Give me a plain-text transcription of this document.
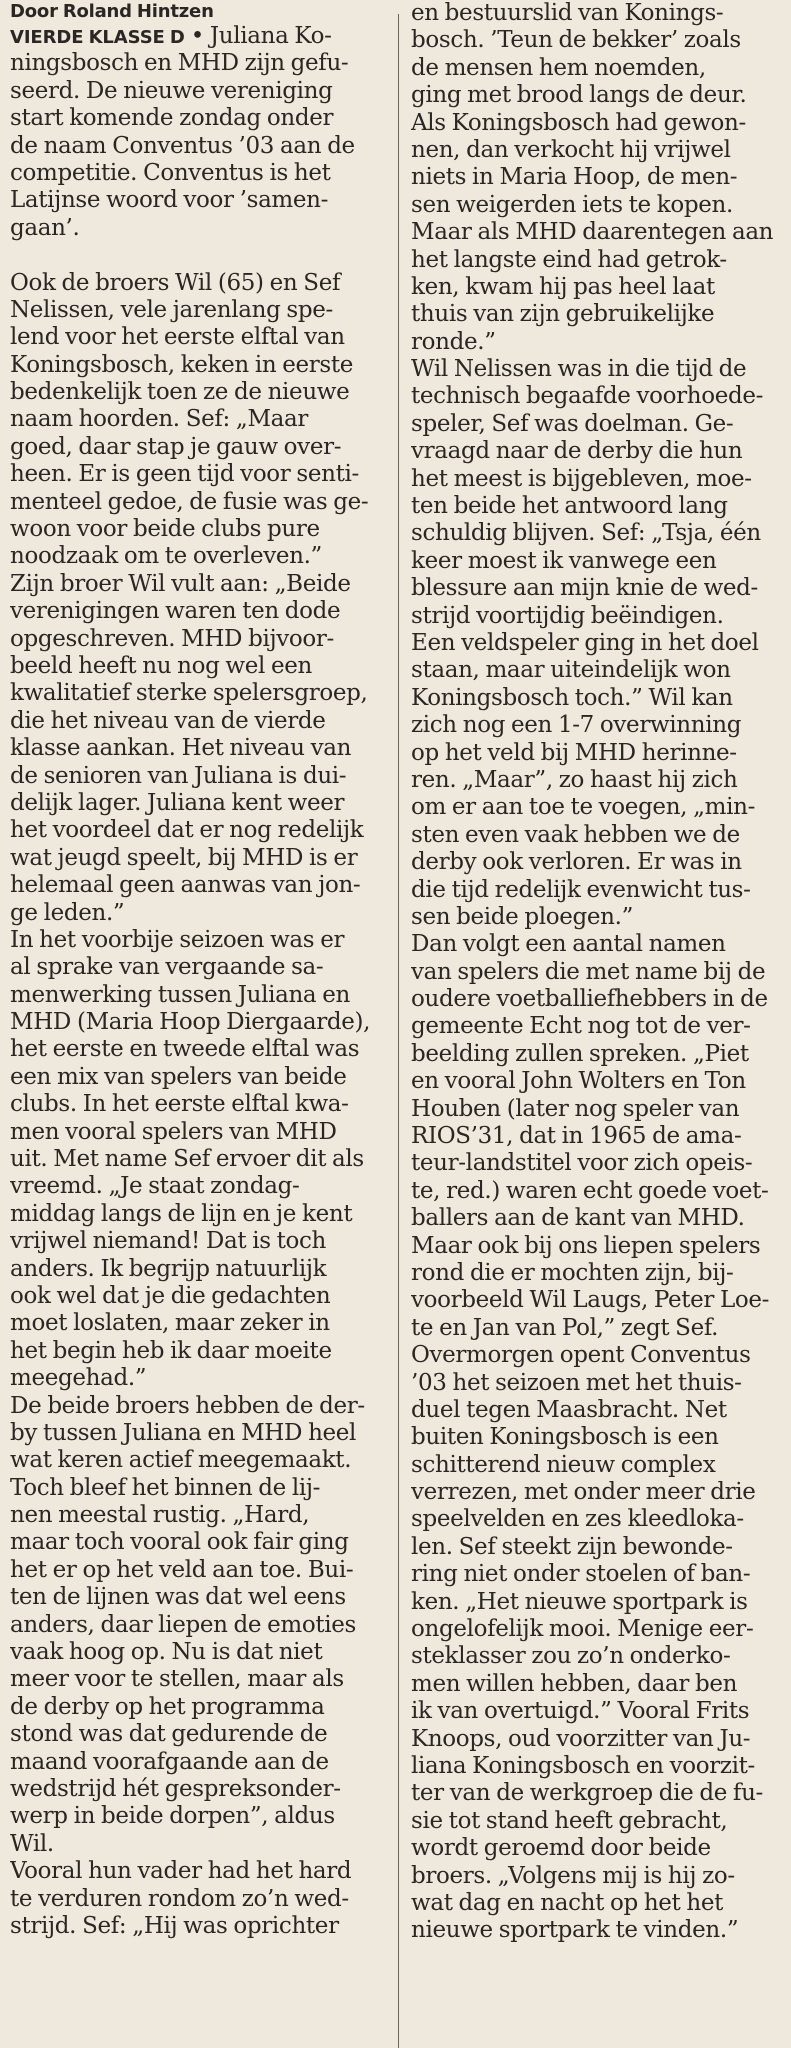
Door Roland Hintzen
VIERDE KLASSE D • Juliana Ko-
ningsbosch en MHD zijn gefu-
seerd. De nieuwe vereniging
start komende zondag onder
de naam Conventus ’03 aan de
competitie. Conventus is het
Latijnse woord voor ’samen-
gaan’.
Ook de broers Wil (65) en Sef
Nelissen, vele jarenlang spe-
lend voor het eerste elftal van
Koningsbosch, keken in eerste
bedenkelijk toen ze de nieuwe
naam hoorden. Sef: „Maar
goed, daar stap je gauw over-
heen. Er is geen tijd voor senti-
menteel gedoe, de fusie was ge-
woon voor beide clubs pure
noodzaak om te overleven.”
Zijn broer Wil vult aan: „Beide
verenigingen waren ten dode
opgeschreven. MHD bijvoor-
beeld heeft nu nog wel een
kwalitatief sterke spelersgroep,
die het niveau van de vierde
klasse aankan. Het niveau van
de senioren van Juliana is dui-
delijk lager. Juliana kent weer
het voordeel dat er nog redelijk
wat jeugd speelt, bij MHD is er
helemaal geen aanwas van jon-
ge leden.”
In het voorbije seizoen was er
al sprake van vergaande sa-
menwerking tussen Juliana en
MHD (Maria Hoop Diergaarde),
het eerste en tweede elftal was
een mix van spelers van beide
clubs. In het eerste elftal kwa-
men vooral spelers van MHD
uit. Met name Sef ervoer dit als
vreemd. „Je staat zondag-
middag langs de lijn en je kent
vrijwel niemand! Dat is toch
anders. Ik begrijp natuurlijk
ook wel dat je die gedachten
moet loslaten, maar zeker in
het begin heb ik daar moeite
meegehad.”
De beide broers hebben de der-
by tussen Juliana en MHD heel
wat keren actief meegemaakt.
Toch bleef het binnen de lij-
nen meestal rustig. „Hard,
maar toch vooral ook fair ging
het er op het veld aan toe. Bui-
ten de lijnen was dat wel eens
anders, daar liepen de emoties
vaak hoog op. Nu is dat niet
meer voor te stellen, maar als
de derby op het programma
stond was dat gedurende de
maand voorafgaande aan de
wedstrijd hét gespreksonder-
werp in beide dorpen”, aldus
Wil.
Vooral hun vader had het hard
te verduren rondom zo’n wed-
strijd. Sef: „Hij was oprichter
en bestuurslid van Konings-
bosch. ’Teun de bekker’ zoals
de mensen hem noemden,
ging met brood langs de deur.
Als Koningsbosch had gewon-
nen, dan verkocht hij vrijwel
niets in Maria Hoop, de men-
sen weigerden iets te kopen.
Maar als MHD daarentegen aan
het langste eind had getrok-
ken, kwam hij pas heel laat
thuis van zijn gebruikelijke
ronde.”
Wil Nelissen was in die tijd de
technisch begaafde voorhoede-
speler, Sef was doelman. Ge-
vraagd naar de derby die hun
het meest is bijgebleven, moe-
ten beide het antwoord lang
schuldig blijven. Sef: „Tsja, één
keer moest ik vanwege een
blessure aan mijn knie de wed-
strijd voortijdig beëindigen.
Een veldspeler ging in het doel
staan, maar uiteindelijk won
Koningsbosch toch.” Wil kan
zich nog een 1-7 overwinning
op het veld bij MHD herinne-
ren. „Maar”, zo haast hij zich
om er aan toe te voegen, „min-
sten even vaak hebben we de
derby ook verloren. Er was in
die tijd redelijk evenwicht tus-
sen beide ploegen.”
Dan volgt een aantal namen
van spelers die met name bij de
oudere voetballiefhebbers in de
gemeente Echt nog tot de ver-
beelding zullen spreken. „Piet
en vooral John Wolters en Ton
Houben (later nog speler van
RIOS’31, dat in 1965 de ama-
teur-landstitel voor zich opeis-
te, red.) waren echt goede voet-
ballers aan de kant van MHD.
Maar ook bij ons liepen spelers
rond die er mochten zijn, bij-
voorbeeld Wil Laugs, Peter Loe-
te en Jan van Pol,” zegt Sef.
Overmorgen opent Conventus
’03 het seizoen met het thuis-
duel tegen Maasbracht. Net
buiten Koningsbosch is een
schitterend nieuw complex
verrezen, met onder meer drie
speelvelden en zes kleedloka-
len. Sef steekt zijn bewonde-
ring niet onder stoelen of ban-
ken. „Het nieuwe sportpark is
ongelofelijk mooi. Menige eer-
steklasser zou zo’n onderko-
men willen hebben, daar ben
ik van overtuigd.” Vooral Frits
Knoops, oud voorzitter van Ju-
liana Koningsbosch en voorzit-
ter van de werkgroep die de fu-
sie tot stand heeft gebracht,
wordt geroemd door beide
broers. „Volgens mij is hij zo-
wat dag en nacht op het het
nieuwe sportpark te vinden.”
